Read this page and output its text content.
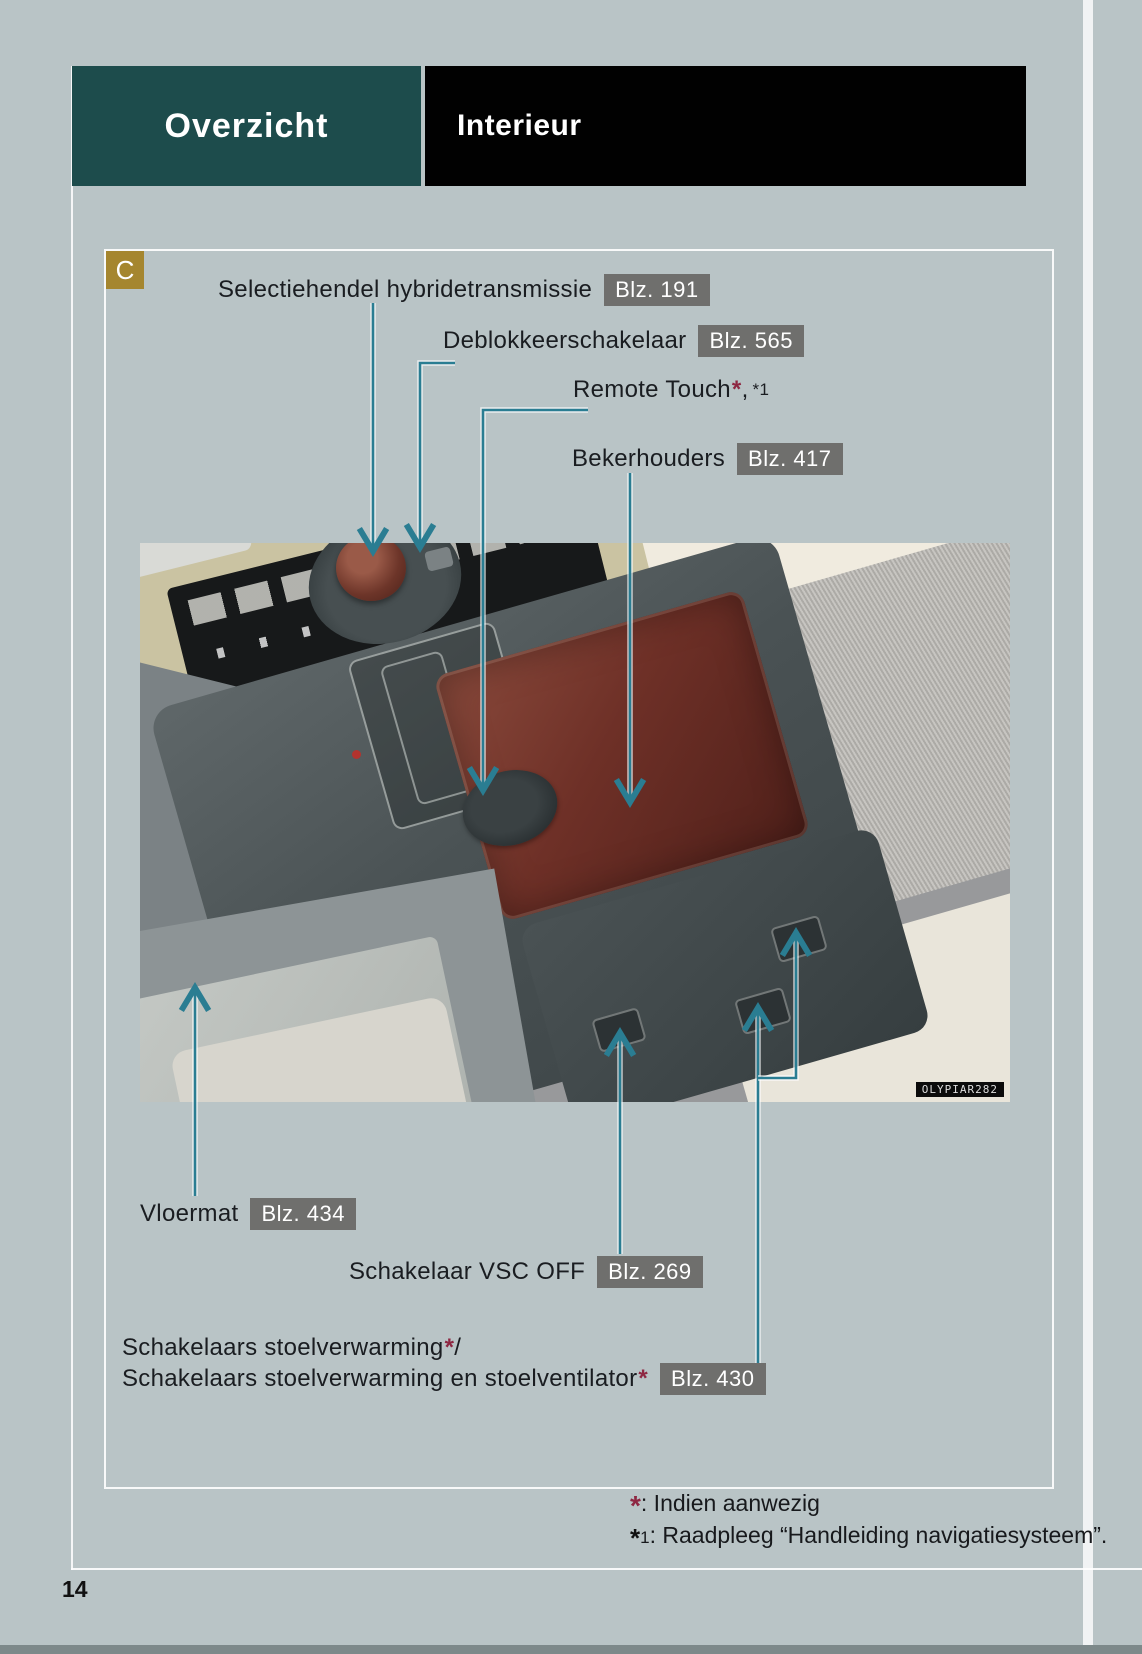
Overzicht	Interieur
C
OLYPIAR282
Selectiehendel hybridetransmissie	Blz. 191
Deblokkeerschakelaar	Blz. 565
Remote Touch * , *1
Bekerhouders	Blz. 417
Vloermat	Blz. 434
Schakelaar VSC OFF	Blz. 269
Schakelaars stoelverwarming * /
Schakelaars stoelverwarming en stoelventilator *	Blz. 430
* : Indien aanwezig
* 1 : Raadpleeg “Handleiding navigatiesysteem”.
14
